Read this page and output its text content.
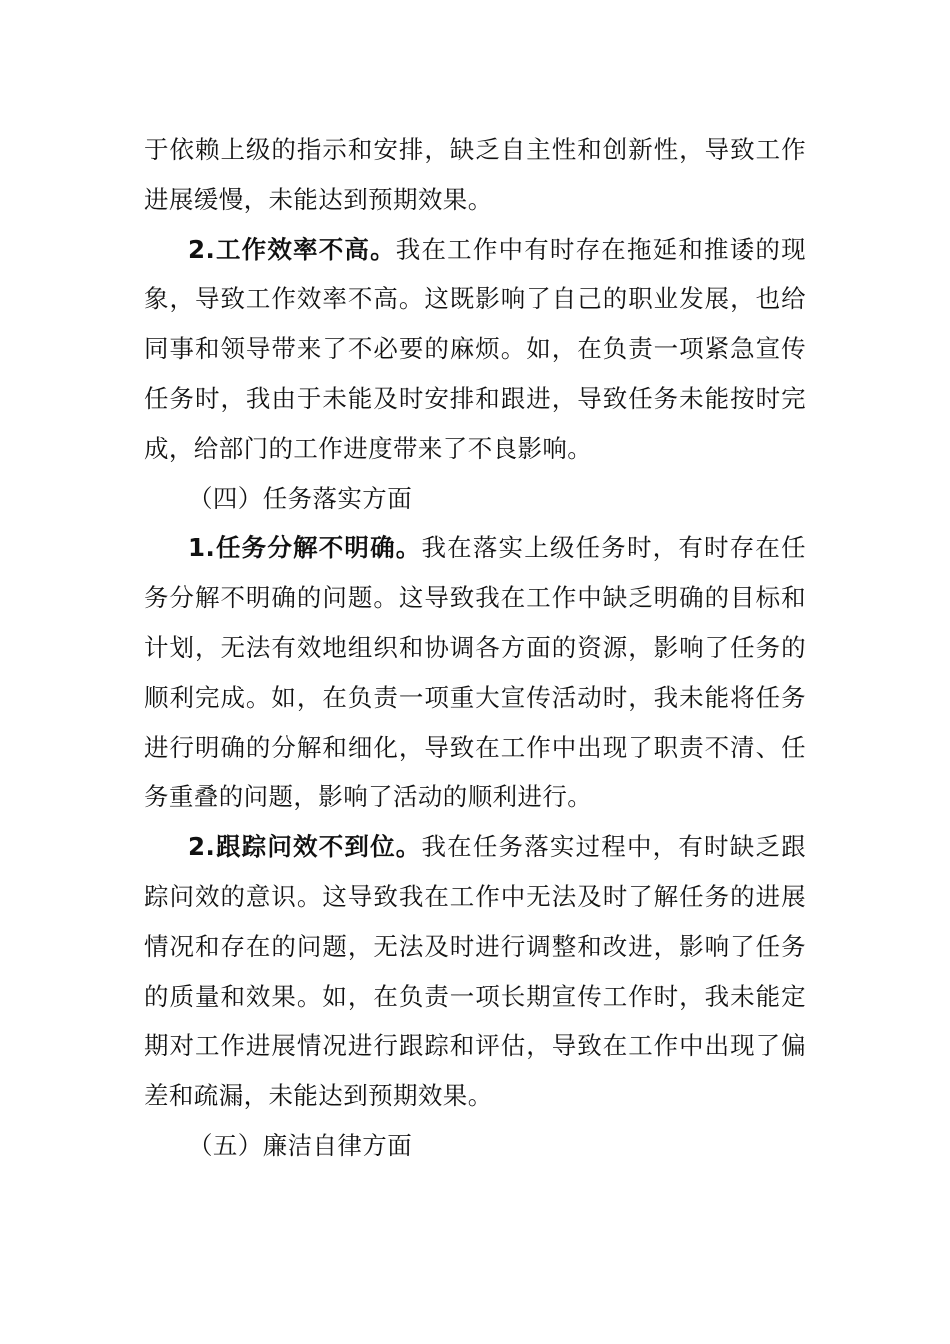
于依赖上级的指示和安排，缺乏自主性和创新性，导致工作进展缓慢，未能达到预期效果。

2.工作效率不高。我在工作中有时存在拖延和推诿的现象，导致工作效率不高。这既影响了自己的职业发展，也给同事和领导带来了不必要的麻烦。如，在负责一项紧急宣传任务时，我由于未能及时安排和跟进，导致任务未能按时完成，给部门的工作进度带来了不良影响。

（四）任务落实方面

1.任务分解不明确。我在落实上级任务时，有时存在任务分解不明确的问题。这导致我在工作中缺乏明确的目标和计划，无法有效地组织和协调各方面的资源，影响了任务的顺利完成。如，在负责一项重大宣传活动时，我未能将任务进行明确的分解和细化，导致在工作中出现了职责不清、任务重叠的问题，影响了活动的顺利进行。

2.跟踪问效不到位。我在任务落实过程中，有时缺乏跟踪问效的意识。这导致我在工作中无法及时了解任务的进展情况和存在的问题，无法及时进行调整和改进，影响了任务的质量和效果。如，在负责一项长期宣传工作时，我未能定期对工作进展情况进行跟踪和评估，导致在工作中出现了偏差和疏漏，未能达到预期效果。

（五）廉洁自律方面
